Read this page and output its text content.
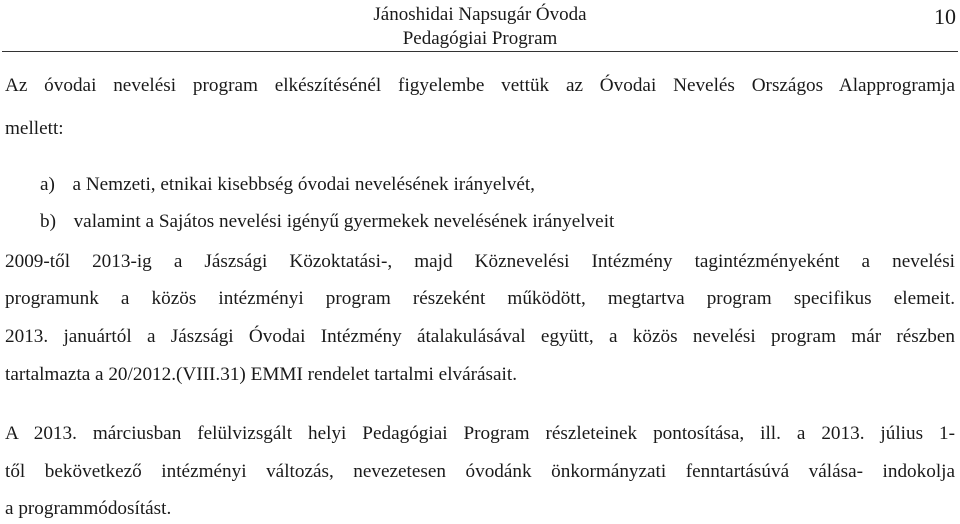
Jánoshidai Napsugár Óvoda
Pedagógiai Program
10
Az óvodai nevelési program elkészítésénél figyelembe vettük az Óvodai Nevelés Országos Alapprogramja
mellett:
a) a Nemzeti, etnikai kisebbség óvodai nevelésének irányelvét,
b) valamint a Sajátos nevelési igényű gyermekek nevelésének irányelveit
2009-től 2013-ig a Jászsági Közoktatási-, majd Köznevelési Intézmény tagintézményeként a nevelési
programunk a közös intézményi program részeként működött, megtartva program specifikus elemeit.
2013. januártól a Jászsági Óvodai Intézmény átalakulásával együtt, a közös nevelési program már részben
tartalmazta a 20/2012.(VIII.31) EMMI rendelet tartalmi elvárásait.
A 2013. márciusban felülvizsgált helyi Pedagógiai Program részleteinek pontosítása, ill. a 2013. július 1-
től bekövetkező intézményi változás, nevezetesen óvodánk önkormányzati fenntartásúvá válása- indokolja
a programmódosítást.
